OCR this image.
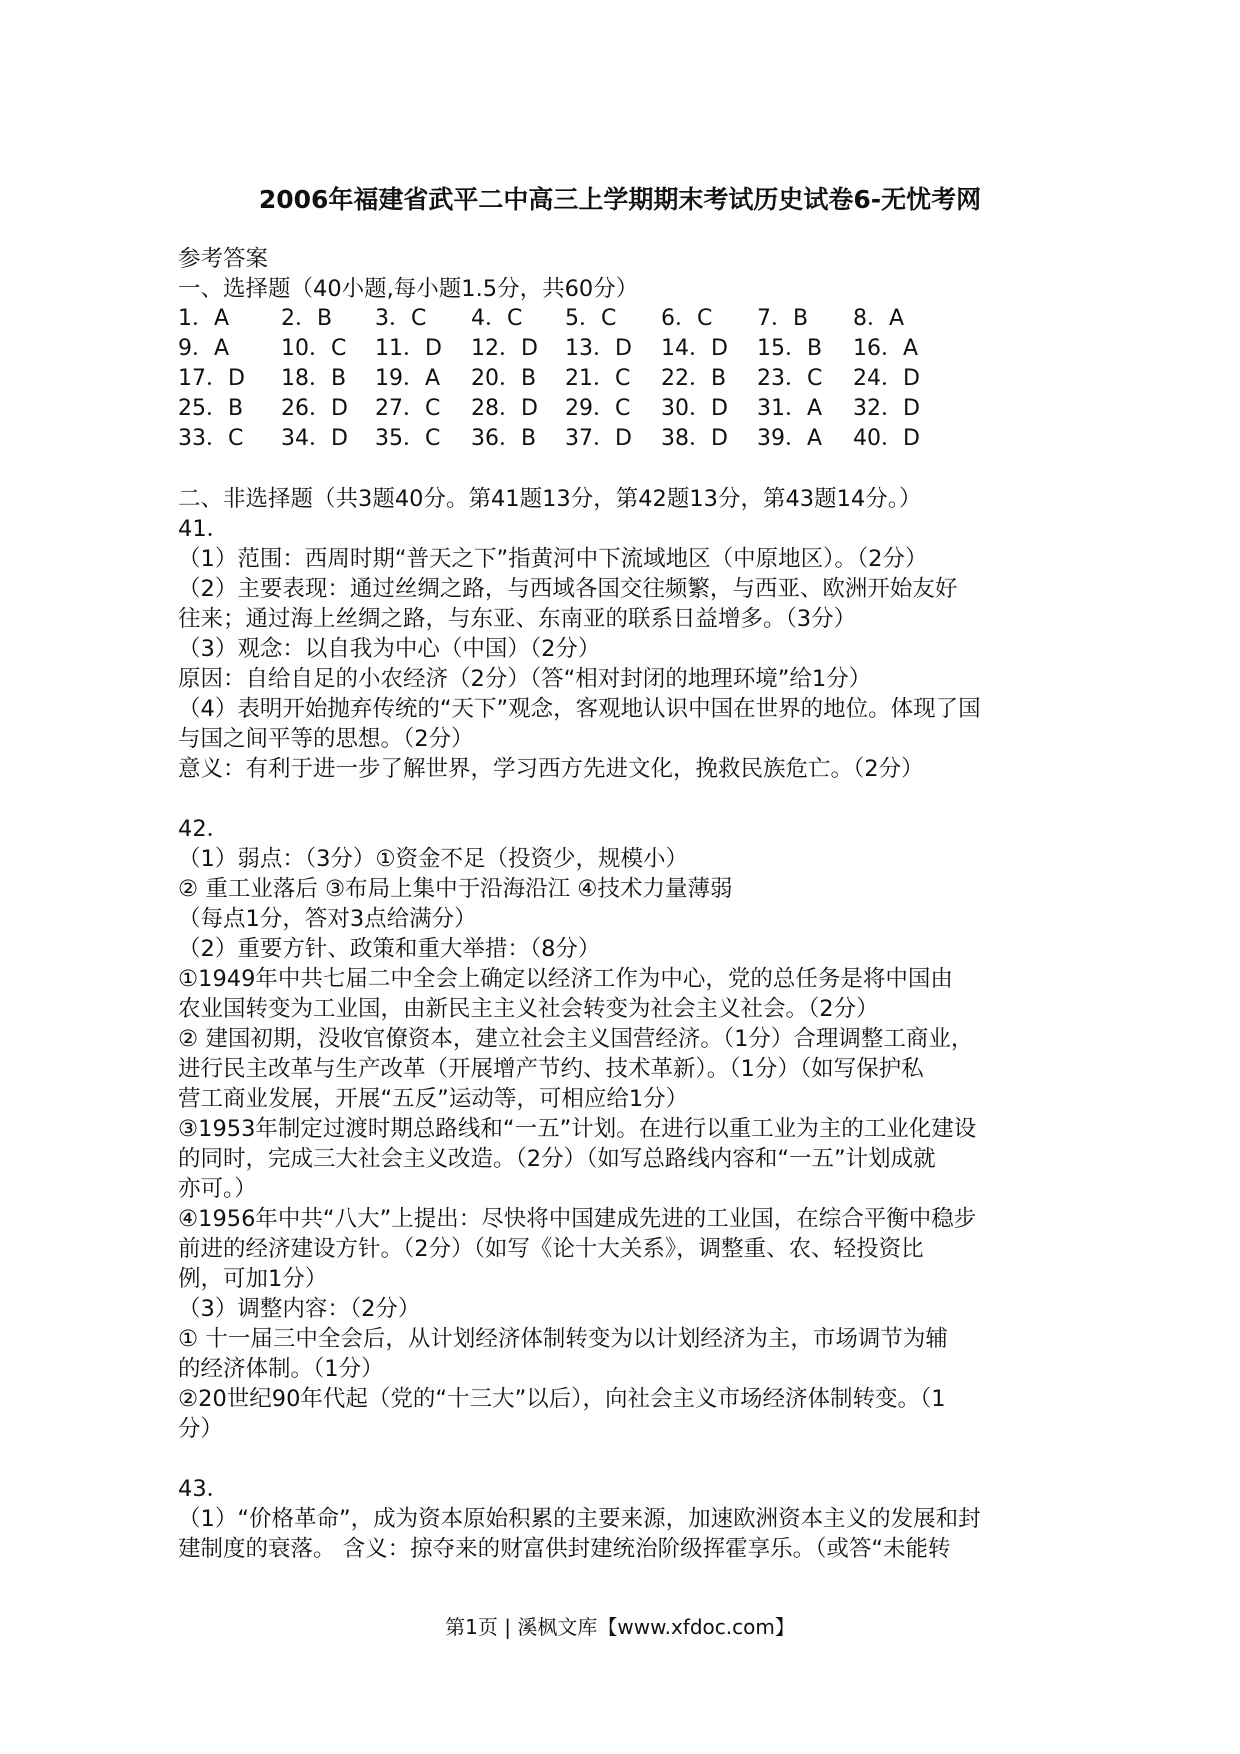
2006年福建省武平二中高三上学期期末考试历史试卷6-无忧考网
参考答案
一、选择题（40小题,每小题1.5分，共60分）
1．A	2．B	3．C	4．C	5．C	6．C	7．B	8．A
9．A	10．C	11．D	12．D	13．D	14．D	15．B	16．A
17．D	18．B	19．A	20．B	21．C	22．B	23．C	24．D
25．B	26．D	27．C	28．D	29．C	30．D	31．A	32．D
33．C	34．D	35．C	36．B	37．D	38．D	39．A	40．D
二、非选择题（共3题40分。第41题13分，第42题13分，第43题14分。）
41．
（1）范围：西周时期“普天之下”指黄河中下流域地区（中原地区）。（2分）
（2）主要表现：通过丝绸之路，与西域各国交往频繁，与西亚、欧洲开始友好
往来；通过海上丝绸之路，与东亚、东南亚的联系日益增多。（3分）
（3）观念：以自我为中心（中国）（2分）
原因：自给自足的小农经济（2分）（答“相对封闭的地理环境”给1分）
（4）表明开始抛弃传统的“天下”观念，客观地认识中国在世界的地位。体现了国
与国之间平等的思想。（2分）
意义：有利于进一步了解世界，学习西方先进文化，挽救民族危亡。（2分）
42．
（1）弱点：（3分）①资金不足（投资少，规模小）
② 重工业落后 ③布局上集中于沿海沿江 ④技术力量薄弱
（每点1分，答对3点给满分）
（2）重要方针、政策和重大举措：（8分）
①1949年中共七届二中全会上确定以经济工作为中心，党的总任务是将中国由
农业国转变为工业国，由新民主主义社会转变为社会主义社会。（2分）
② 建国初期，没收官僚资本，建立社会主义国营经济。（1分）合理调整工商业，
进行民主改革与生产改革（开展增产节约、技术革新）。（1分）（如写保护私
营工商业发展，开展“五反”运动等，可相应给1分）
③1953年制定过渡时期总路线和“一五”计划。在进行以重工业为主的工业化建设
的同时，完成三大社会主义改造。（2分）（如写总路线内容和“一五”计划成就
亦可。）
④1956年中共“八大”上提出：尽快将中国建成先进的工业国，在综合平衡中稳步
前进的经济建设方针。（2分）（如写《论十大关系》，调整重、农、轻投资比
例，可加1分）
（3）调整内容：（2分）
① 十一届三中全会后，从计划经济体制转变为以计划经济为主，市场调节为辅
的经济体制。（1分）
②20世纪90年代起（党的“十三大”以后），向社会主义市场经济体制转变。（1
分）
43．
（1）“价格革命”，成为资本原始积累的主要来源，加速欧洲资本主义的发展和封
建制度的衰落。 含义：掠夺来的财富供封建统治阶级挥霍享乐。（或答“未能转
第1页 | 溪枫文库【www.xfdoc.com】
